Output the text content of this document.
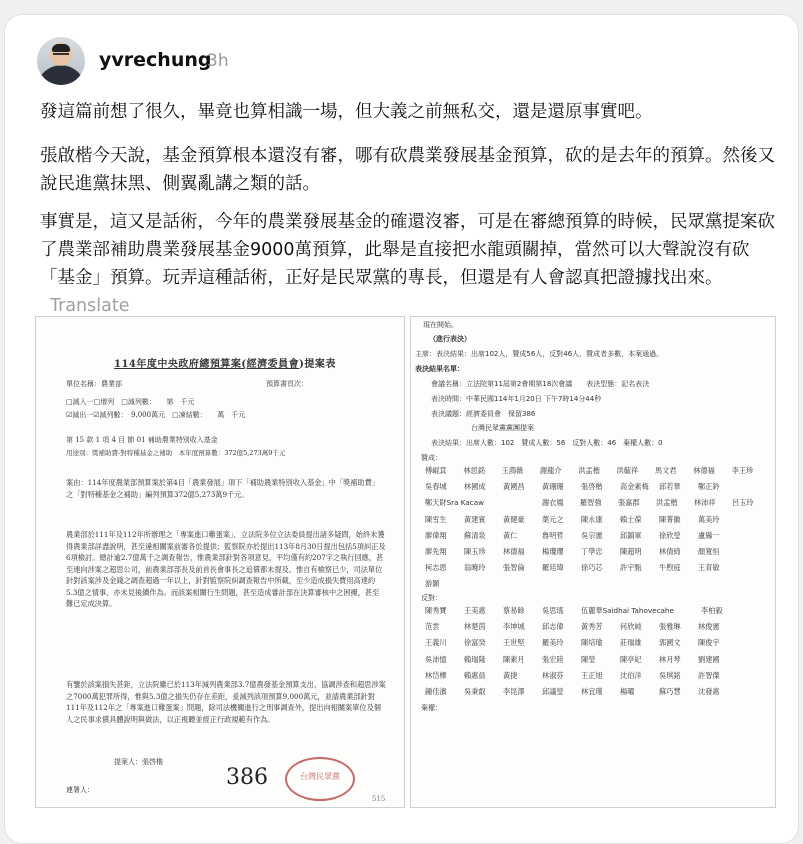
yvrechung
3h
發這篇前想了很久，畢竟也算相識一場，但大義之前無私交，還是還原事實吧。
張啟楷今天說，基金預算根本還沒有審，哪有砍農業發展基金預算，砍的是去年的預算。然後又說民進黨抹黑、側翼亂講之類的話。
事實是，這又是話術，今年的農業發展基金的確還沒審，可是在審總預算的時候，民眾黨提案砍了農業部補助農業發展基金9000萬預算，此舉是直接把水龍頭關掉，當然可以大聲說沒有砍「基金」預算。玩弄這種話術，正好是民眾黨的專長，但還是有人會認真把證據找出來。Translate
114年度中央政府總預算案(經濟委員會)提案表
單位名稱：農業部	預算書頁次：
□減入一□增列　□減列數：　　第　千元
☑減出一☑減列數：　9,000萬元　□凍結數：　　萬　千元
第 15 款 1 項 4 目 節 01 補助農業特別收入基金
用途別：獎補助費-對特種基金之補助　本年度預算數：372億5,273萬9千元
案由：114年度農業部預算案於第4目「農業發展」項下「補助農業特別收入基金」中「獎補助費」之「對特種基金之補助」編列預算372億5,273萬9千元。
農業部於111年及112年所辦理之「專案進口雞蛋案」，立法院多位立法委員提出諸多疑問，始終未獲得農業部詳盡說明，甚至違相關案前審各於提供；監察院亦於提出113年8月30日提出包括5項糾正及6項檢討。總計逾2.7億萬千之調查報告，惟農業部針對各項意見，平均僅有約207字之執行回應，甚至連向涉案之超思公司，前農業部部長及前首長會事長之追償都未提及。惟自有檢察已少，司法單位針對該案涉及金錢之調查超過一年以上，針對監察院糾調查報告中所載，至少造成損失費用高達約5.3億之情事，亦未見後續作為。而該案相關行生問題，甚至造成審計部在決算審核中之困擾，甚至難已定成決算。
有鑒於該案損失甚鉅，立法院雖已於113年減列農業部3.7億農發基金預算支出，協調涉查和超思涉案之7000萬犯罪所得，惟與5.3億之損失仍存在差距，爰減列該項預算9,000萬元，並請農業部針對111年及112年之「專案進口雞蛋案」問題，除司法機關進行之刑事調查外，提出向相關案單位及個人之民事求償具體說明與做法，以正視聽並經正行政規範有作為。
提案人：張啓楷
連署人：	386	台灣民眾黨
515
現在開始。
（進行表決）
主席：表決結果：出席102人，贊成56人，反對46人，贊成者多數，本案通過。
表決結果名單：
會議名稱：立法院第11屆第2會期第18次會議　　表決型態：記名表決
表決時間：中華民國114年1月20日 下午7時14分44秒
表決議題：經濟委員會　保留386
台灣民眾黨黨團提案
表決結果：出席人數：102　贊成人數：56　反對人數：46　棄權人數：0
贊成：
傅崐萁	林思銘	王鴻薇	謝龍介	洪孟楷	洪毓祥	馬文君	林德福	李王珍
吳春城	林國成	黃國昌	黃珊珊	張啓楷	高金素梅	邱若華	鄭正鈐
鄭天財Sra Kacaw	謝衣鳳	羅智強	張嘉郡	洪孟楷	林沛祥	呂玉玲
陳雪生	黃建賓	黃健豪	葉元之	陳永康	賴士葆	陳菁徽	萬美玲
廖偉翔	蘇清泉	黃仁	魯明哲	吳宗憲	邱鎮軍	徐欣瑩	盧縣一
廖先翔	陳玉珍	林德福	楊瓊瓔	丁學忠	陳超明	林倩綺	顏寬恒
柯志恩	翁曉玲	張智倫	羅廷瑋	徐巧芯	許宇甄	牛煦庭	王育敏
游顥
反對：
陳秀寶	王美惠	蔡易餘	吳思瑤	伍麗華Saidhai Tahovecahe	李柏毅
范雲	林楚茵	李坤城	邱志偉	黃秀芳	何欣純	張雅琳	林俊憲
王義川	徐富癸	王世堅	羅美玲	陳培瑜	莊瑞雄	郭國文	陳俊宇
吳沛憶	賴瑞隆	陳素月	張宏陸	陳瑩	陳亭妃	林月琴	劉建國
林岱樺	賴惠員	黃捷	林淑芬	王正旭	沈伯洋	吳琪銘	許智傑
鍾佳濱	吳秉叡	李昆澤	邱議瑩	林宜瑾	楊曜	蘇巧慧	沈發惠
棄權：
